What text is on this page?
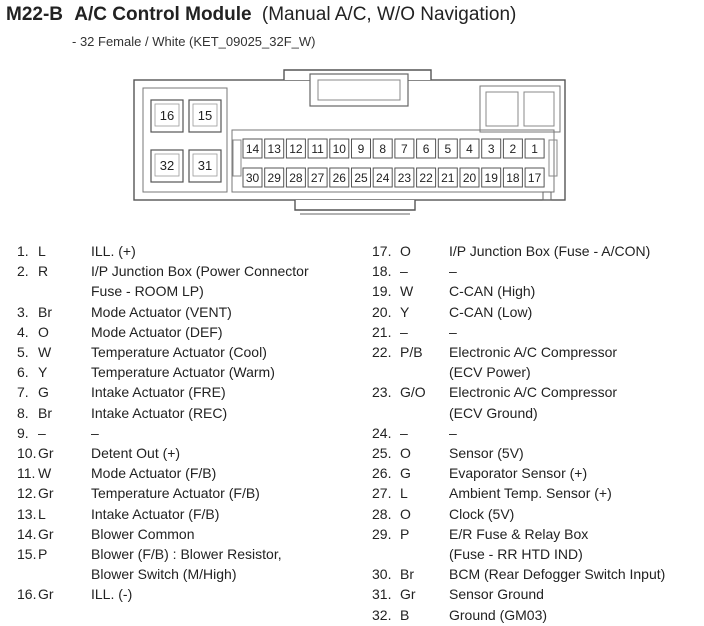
M22-B A/C Control Module (Manual A/C, W/O Navigation)
- 32 Female / White (KET_09025_32F_W)
16 15
32 31
14 13 12 11 10 9 8 7 6 5 4 3 2 1
30 29 28 27 26 25 24 23 22 21 20 19 18 17
1. L	ILL. (+)
2. R	I/P Junction Box (Power Connector
Fuse - ROOM LP)
3. Br	Mode Actuator (VENT)
4. O	Mode Actuator (DEF)
5. W	Temperature Actuator (Cool)
6. Y	Temperature Actuator (Warm)
7. G	Intake Actuator (FRE)
8. Br	Intake Actuator (REC)
9. –	–
10. Gr	Detent Out (+)
11. W	Mode Actuator (F/B)
12. Gr	Temperature Actuator (F/B)
13. L	Intake Actuator (F/B)
14. Gr	Blower Common
15. P	Blower (F/B) : Blower Resistor,
Blower Switch (M/High)
16. Gr	ILL. (-)
17. O	I/P Junction Box (Fuse - A/CON)
18. –	–
19. W	C-CAN (High)
20. Y	C-CAN (Low)
21. –	–
22. P/B Electronic A/C Compressor
(ECV Power)
23. G/O Electronic A/C Compressor
(ECV Ground)
24. –	–
25. O	Sensor (5V)
26. G	Evaporator Sensor (+)
27. L	Ambient Temp. Sensor (+)
28. O	Clock (5V)
29. P	E/R Fuse & Relay Box
(Fuse - RR HTD IND)
30. Br	BCM (Rear Defogger Switch Input)
31. Gr Sensor Ground
32. B	Ground (GM03)
